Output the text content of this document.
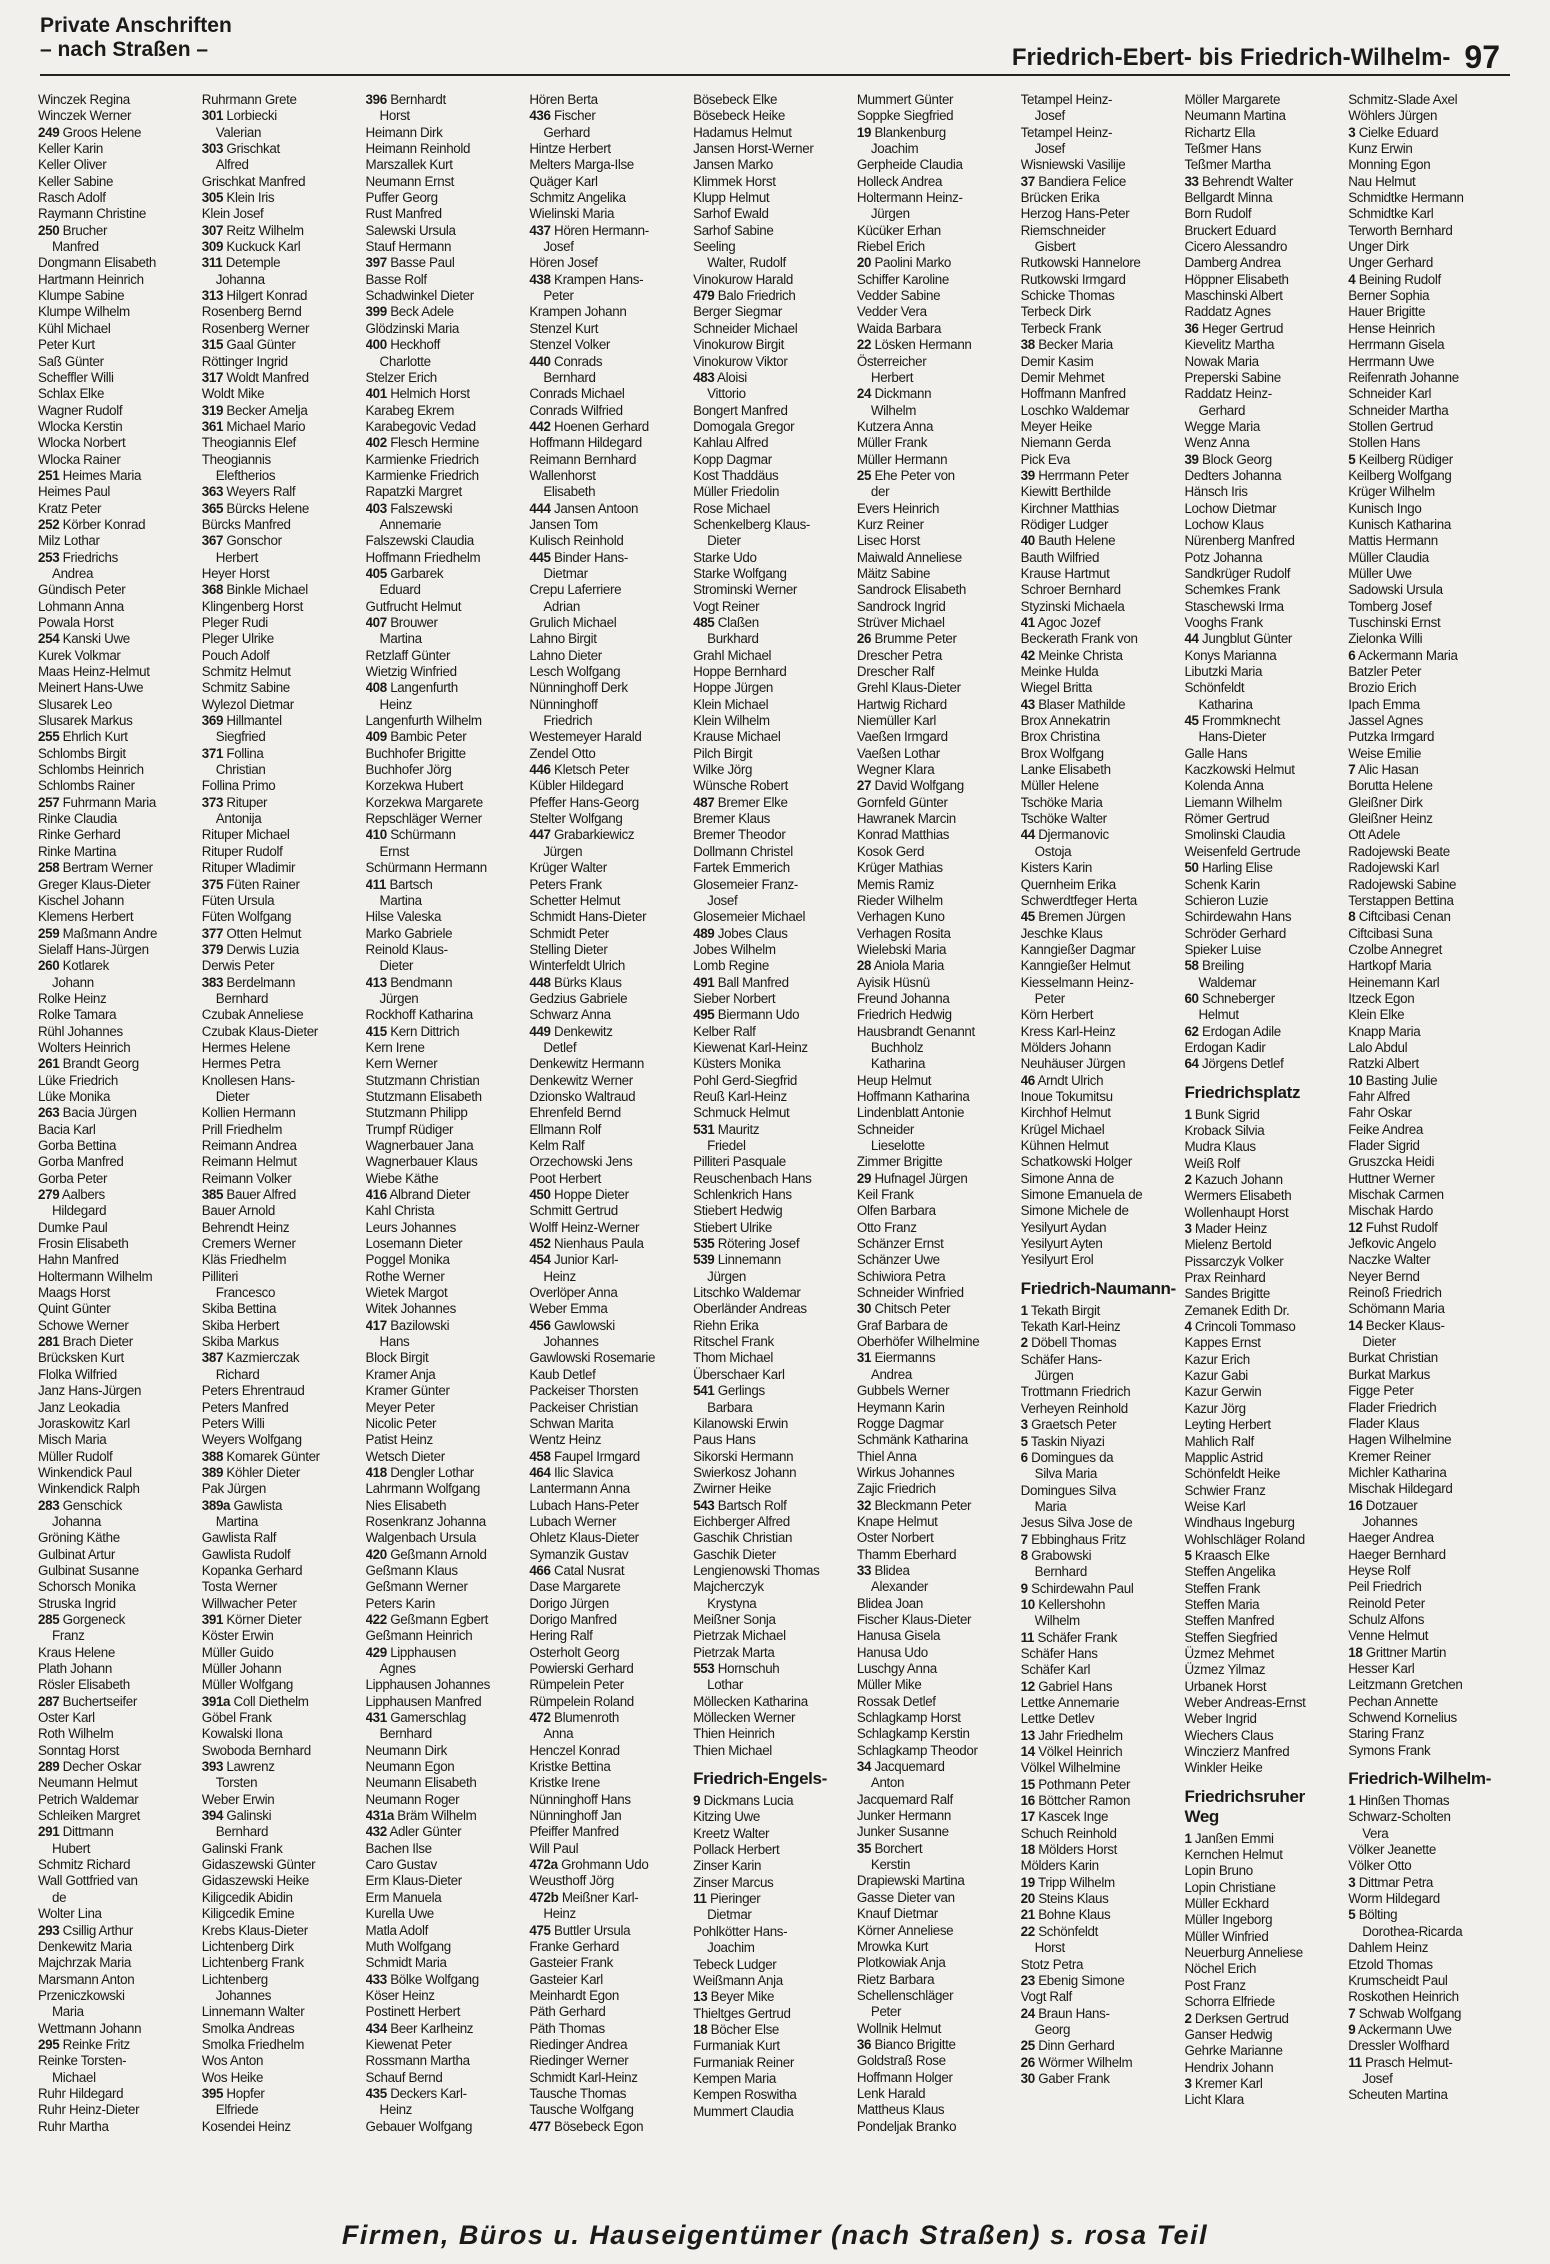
Private Anschriften
– nach Straßen –	Friedrich-Ebert- bis Friedrich-Wilhelm- 97
Winczek Regina
Winczek Werner
249 Groos Helene
Keller Karin
Keller Oliver
Keller Sabine
Rasch Adolf
Raymann Christine
250 Brucher
Manfred
Dongmann Elisabeth
Hartmann Heinrich
Klumpe Sabine
Klumpe Wilhelm
Kühl Michael
Peter Kurt
Saß Günter
Scheffler Willi
Schlax Elke
Wagner Rudolf
Wlocka Kerstin
Wlocka Norbert
Wlocka Rainer
251 Heimes Maria
Heimes Paul
Kratz Peter
252 Körber Konrad
Milz Lothar
253 Friedrichs
Andrea
Gündisch Peter
Lohmann Anna
Powala Horst
254 Kanski Uwe
Kurek Volkmar
Maas Heinz-Helmut
Meinert Hans-Uwe
Slusarek Leo
Slusarek Markus
255 Ehrlich Kurt
Schlombs Birgit
Schlombs Heinrich
Schlombs Rainer
257 Fuhrmann Maria
Rinke Claudia
Rinke Gerhard
Rinke Martina
258 Bertram Werner
Greger Klaus-Dieter
Kischel Johann
Klemens Herbert
259 Maßmann Andre
Sielaff Hans-Jürgen
260 Kotlarek
Johann
Rolke Heinz
Rolke Tamara
Rühl Johannes
Wolters Heinrich
261 Brandt Georg
Lüke Friedrich
Lüke Monika
263 Bacia Jürgen
Bacia Karl
Gorba Bettina
Gorba Manfred
Gorba Peter
279 Aalbers
Hildegard
Dumke Paul
Frosin Elisabeth
Hahn Manfred
Holtermann Wilhelm
Maags Horst
Quint Günter
Schowe Werner
281 Brach Dieter
Brücksken Kurt
Flolka Wilfried
Janz Hans-Jürgen
Janz Leokadia
Joraskowitz Karl
Misch Maria
Müller Rudolf
Winkendick Paul
Winkendick Ralph
283 Genschick
Johanna
Gröning Käthe
Gulbinat Artur
Gulbinat Susanne
Schorsch Monika
Struska Ingrid
285 Gorgeneck
Franz
Kraus Helene
Plath Johann
Rösler Elisabeth
287 Buchertseifer
Oster Karl
Roth Wilhelm
Sonntag Horst
289 Decher Oskar
Neumann Helmut
Petrich Waldemar
Schleiken Margret
291 Dittmann
Hubert
Schmitz Richard
Wall Gottfried van
de
Wolter Lina
293 Csillig Arthur
Denkewitz Maria
Majchrzak Maria
Marsmann Anton
Przeniczkowski
Maria
Wettmann Johann
295 Reinke Fritz
Reinke Torsten-
Michael
Ruhr Hildegard
Ruhr Heinz-Dieter
Ruhr Martha
Ruhrmann Grete
301 Lorbiecki
Valerian
303 Grischkat
Alfred
Grischkat Manfred
305 Klein Iris
Klein Josef
307 Reitz Wilhelm
309 Kuckuck Karl
311 Detemple
Johanna
313 Hilgert Konrad
Rosenberg Bernd
Rosenberg Werner
315 Gaal Günter
Röttinger Ingrid
317 Woldt Manfred
Woldt Mike
319 Becker Amelja
361 Michael Mario
Theogiannis Elef
Theogiannis
Eleftherios
363 Weyers Ralf
365 Bürcks Helene
Bürcks Manfred
367 Gonschor
Herbert
Heyer Horst
368 Binkle Michael
Klingenberg Horst
Pleger Rudi
Pleger Ulrike
Pouch Adolf
Schmitz Helmut
Schmitz Sabine
Wylezol Dietmar
369 Hillmantel
Siegfried
371 Follina
Christian
Follina Primo
373 Rituper
Antonija
Rituper Michael
Rituper Rudolf
Rituper Wladimir
375 Füten Rainer
Füten Ursula
Füten Wolfgang
377 Otten Helmut
379 Derwis Luzia
Derwis Peter
383 Berdelmann
Bernhard
Czubak Anneliese
Czubak Klaus-Dieter
Hermes Helene
Hermes Petra
Knollesen Hans-
Dieter
Kollien Hermann
Prill Friedhelm
Reimann Andrea
Reimann Helmut
Reimann Volker
385 Bauer Alfred
Bauer Arnold
Behrendt Heinz
Cremers Werner
Kläs Friedhelm
Pilliteri
Francesco
Skiba Bettina
Skiba Herbert
Skiba Markus
387 Kazmierczak
Richard
Peters Ehrentraud
Peters Manfred
Peters Willi
Weyers Wolfgang
388 Komarek Günter
389 Köhler Dieter
Pak Jürgen
389a Gawlista
Martina
Gawlista Ralf
Gawlista Rudolf
Kopanka Gerhard
Tosta Werner
Willwacher Peter
391 Körner Dieter
Köster Erwin
Müller Guido
Müller Johann
Müller Wolfgang
391a Coll Diethelm
Göbel Frank
Kowalski Ilona
Swoboda Bernhard
393 Lawrenz
Torsten
Weber Erwin
394 Galinski
Bernhard
Galinski Frank
Gidaszewski Günter
Gidaszewski Heike
Kiligcedik Abidin
Kiligcedik Emine
Krebs Klaus-Dieter
Lichtenberg Dirk
Lichtenberg Frank
Lichtenberg
Johannes
Linnemann Walter
Smolka Andreas
Smolka Friedhelm
Wos Anton
Wos Heike
395 Hopfer
Elfriede
Kosendei Heinz
396 Bernhardt
Horst
Heimann Dirk
Heimann Reinhold
Marszallek Kurt
Neumann Ernst
Puffer Georg
Rust Manfred
Salewski Ursula
Stauf Hermann
397 Basse Paul
Basse Rolf
Schadwinkel Dieter
399 Beck Adele
Glödzinski Maria
400 Heckhoff
Charlotte
Stelzer Erich
401 Helmich Horst
Karabeg Ekrem
Karabegovic Vedad
402 Flesch Hermine
Karmienke Friedrich
Karmienke Friedrich
Rapatzki Margret
403 Falszewski
Annemarie
Falszewski Claudia
Hoffmann Friedhelm
405 Garbarek
Eduard
Gutfrucht Helmut
407 Brouwer
Martina
Retzlaff Günter
Wietzig Winfried
408 Langenfurth
Heinz
Langenfurth Wilhelm
409 Bambic Peter
Buchhofer Brigitte
Buchhofer Jörg
Korzekwa Hubert
Korzekwa Margarete
Repschläger Werner
410 Schürmann
Ernst
Schürmann Hermann
411 Bartsch
Martina
Hilse Valeska
Marko Gabriele
Reinold Klaus-
Dieter
413 Bendmann
Jürgen
Rockhoff Katharina
415 Kern Dittrich
Kern Irene
Kern Werner
Stutzmann Christian
Stutzmann Elisabeth
Stutzmann Philipp
Trumpf Rüdiger
Wagnerbauer Jana
Wagnerbauer Klaus
Wiebe Käthe
416 Albrand Dieter
Kahl Christa
Leurs Johannes
Losemann Dieter
Poggel Monika
Rothe Werner
Wietek Margot
Witek Johannes
417 Bazilowski
Hans
Block Birgit
Kramer Anja
Kramer Günter
Meyer Peter
Nicolic Peter
Patist Heinz
Wetsch Dieter
418 Dengler Lothar
Lahrmann Wolfgang
Nies Elisabeth
Rosenkranz Johanna
Walgenbach Ursula
420 Geßmann Arnold
Geßmann Klaus
Geßmann Werner
Peters Karin
422 Geßmann Egbert
Geßmann Heinrich
429 Lipphausen
Agnes
Lipphausen Johannes
Lipphausen Manfred
431 Gamerschlag
Bernhard
Neumann Dirk
Neumann Egon
Neumann Elisabeth
Neumann Roger
431a Bräm Wilhelm
432 Adler Günter
Bachen Ilse
Caro Gustav
Erm Klaus-Dieter
Erm Manuela
Kurella Uwe
Matla Adolf
Muth Wolfgang
Schmidt Maria
433 Bölke Wolfgang
Köser Heinz
Postinett Herbert
434 Beer Karlheinz
Kiewenat Peter
Rossmann Martha
Schauf Bernd
435 Deckers Karl-
Heinz
Gebauer Wolfgang
Hören Berta
436 Fischer
Gerhard
Hintze Herbert
Melters Marga-Ilse
Quäger Karl
Schmitz Angelika
Wielinski Maria
437 Hören Hermann-
Josef
Hören Josef
438 Krampen Hans-
Peter
Krampen Johann
Stenzel Kurt
Stenzel Volker
440 Conrads
Bernhard
Conrads Michael
Conrads Wilfried
442 Hoenen Gerhard
Hoffmann Hildegard
Reimann Bernhard
Wallenhorst
Elisabeth
444 Jansen Antoon
Jansen Tom
Kulisch Reinhold
445 Binder Hans-
Dietmar
Crepu Laferriere
Adrian
Grulich Michael
Lahno Birgit
Lahno Dieter
Lesch Wolfgang
Nünninghoff Derk
Nünninghoff
Friedrich
Westemeyer Harald
Zendel Otto
446 Kletsch Peter
Kübler Hildegard
Pfeffer Hans-Georg
Stelter Wolfgang
447 Grabarkiewicz
Jürgen
Krüger Walter
Peters Frank
Schetter Helmut
Schmidt Hans-Dieter
Schmidt Peter
Stelling Dieter
Winterfeldt Ulrich
448 Bürks Klaus
Gedzius Gabriele
Schwarz Anna
449 Denkewitz
Detlef
Denkewitz Hermann
Denkewitz Werner
Dzionsko Waltraud
Ehrenfeld Bernd
Ellmann Rolf
Kelm Ralf
Orzechowski Jens
Poot Herbert
450 Hoppe Dieter
Schmitt Gertrud
Wolff Heinz-Werner
452 Nienhaus Paula
454 Junior Karl-
Heinz
Overlöper Anna
Weber Emma
456 Gawlowski
Johannes
Gawlowski Rosemarie
Kaub Detlef
Packeiser Thorsten
Packeiser Christian
Schwan Marita
Wentz Heinz
458 Faupel Irmgard
464 Ilic Slavica
Lantermann Anna
Lubach Hans-Peter
Lubach Werner
Ohletz Klaus-Dieter
Symanzik Gustav
466 Catal Nusrat
Dase Margarete
Dorigo Jürgen
Dorigo Manfred
Hering Ralf
Osterholt Georg
Powierski Gerhard
Rümpelein Peter
Rümpelein Roland
472 Blumenroth
Anna
Henczel Konrad
Kristke Bettina
Kristke Irene
Nünninghoff Hans
Nünninghoff Jan
Pfeiffer Manfred
Will Paul
472a Grohmann Udo
Weusthoff Jörg
472b Meißner Karl-
Heinz
475 Buttler Ursula
Franke Gerhard
Gasteier Frank
Gasteier Karl
Meinhardt Egon
Päth Gerhard
Päth Thomas
Riedinger Andrea
Riedinger Werner
Schmidt Karl-Heinz
Tausche Thomas
Tausche Wolfgang
477 Bösebeck Egon
Bösebeck Elke
Bösebeck Heike
Hadamus Helmut
Jansen Horst-Werner
Jansen Marko
Klimmek Horst
Klupp Helmut
Sarhof Ewald
Sarhof Sabine
Seeling
Walter, Rudolf
Vinokurow Harald
479 Balo Friedrich
Berger Siegmar
Schneider Michael
Vinokurow Birgit
Vinokurow Viktor
483 Aloisi
Vittorio
Bongert Manfred
Domogala Gregor
Kahlau Alfred
Kopp Dagmar
Kost Thaddäus
Müller Friedolin
Rose Michael
Schenkelberg Klaus-
Dieter
Starke Udo
Starke Wolfgang
Strominski Werner
Vogt Reiner
485 Claßen
Burkhard
Grahl Michael
Hoppe Bernhard
Hoppe Jürgen
Klein Michael
Klein Wilhelm
Krause Michael
Pilch Birgit
Wilke Jörg
Wünsche Robert
487 Bremer Elke
Bremer Klaus
Bremer Theodor
Dollmann Christel
Fartek Emmerich
Glosemeier Franz-
Josef
Glosemeier Michael
489 Jobes Claus
Jobes Wilhelm
Lomb Regine
491 Ball Manfred
Sieber Norbert
495 Biermann Udo
Kelber Ralf
Kiewenat Karl-Heinz
Küsters Monika
Pohl Gerd-Siegfrid
Reuß Karl-Heinz
Schmuck Helmut
531 Mauritz
Friedel
Pilliteri Pasquale
Reuschenbach Hans
Schlenkrich Hans
Stiebert Hedwig
Stiebert Ulrike
535 Rötering Josef
539 Linnemann
Jürgen
Litschko Waldemar
Oberländer Andreas
Riehn Erika
Ritschel Frank
Thom Michael
Überschaer Karl
541 Gerlings
Barbara
Kilanowski Erwin
Paus Hans
Sikorski Hermann
Swierkosz Johann
Zwirner Heike
543 Bartsch Rolf
Eichberger Alfred
Gaschik Christian
Gaschik Dieter
Lengienowski Thomas
Majcherczyk
Krystyna
Meißner Sonja
Pietrzak Michael
Pietrzak Marta
553 Hornschuh
Lothar
Möllecken Katharina
Möllecken Werner
Thien Heinrich
Thien Michael
Friedrich-Engels-
9 Dickmans Lucia
Kitzing Uwe
Kreetz Walter
Pollack Herbert
Zinser Karin
Zinser Marcus
11 Pieringer
Dietmar
Pohlkötter Hans-
Joachim
Tebeck Ludger
Weißmann Anja
13 Beyer Mike
Thieltges Gertrud
18 Böcher Else
Furmaniak Kurt
Furmaniak Reiner
Kempen Maria
Kempen Roswitha
Mummert Claudia
Mummert Günter
Soppke Siegfried
19 Blankenburg
Joachim
Gerpheide Claudia
Holleck Andrea
Holtermann Heinz-
Jürgen
Kücüker Erhan
Riebel Erich
20 Paolini Marko
Schiffer Karoline
Vedder Sabine
Vedder Vera
Waida Barbara
22 Lösken Hermann
Österreicher
Herbert
24 Dickmann
Wilhelm
Kutzera Anna
Müller Frank
Müller Hermann
25 Ehe Peter von
der
Evers Heinrich
Kurz Reiner
Lisec Horst
Maiwald Anneliese
Mäitz Sabine
Sandrock Elisabeth
Sandrock Ingrid
Strüver Michael
26 Brumme Peter
Drescher Petra
Drescher Ralf
Grehl Klaus-Dieter
Hartwig Richard
Niemüller Karl
Vaeßen Irmgard
Vaeßen Lothar
Wegner Klara
27 David Wolfgang
Gornfeld Günter
Hawranek Marcin
Konrad Matthias
Kosok Gerd
Krüger Mathias
Memis Ramiz
Rieder Wilhelm
Verhagen Kuno
Verhagen Rosita
Wielebski Maria
28 Aniola Maria
Ayisik Hüsnü
Freund Johanna
Friedrich Hedwig
Hausbrandt Genannt
Buchholz
Katharina
Heup Helmut
Hoffmann Katharina
Lindenblatt Antonie
Schneider
Lieselotte
Zimmer Brigitte
29 Hufnagel Jürgen
Keil Frank
Olfen Barbara
Otto Franz
Schänzer Ernst
Schänzer Uwe
Schiwiora Petra
Schneider Winfried
30 Chitsch Peter
Graf Barbara de
Oberhöfer Wilhelmine
31 Eiermanns
Andrea
Gubbels Werner
Heymann Karin
Rogge Dagmar
Schmänk Katharina
Thiel Anna
Wirkus Johannes
Zajic Friedrich
32 Bleckmann Peter
Knape Helmut
Oster Norbert
Thamm Eberhard
33 Blidea
Alexander
Blidea Joan
Fischer Klaus-Dieter
Hanusa Gisela
Hanusa Udo
Luschgy Anna
Müller Mike
Rossak Detlef
Schlagkamp Horst
Schlagkamp Kerstin
Schlagkamp Theodor
34 Jacquemard
Anton
Jacquemard Ralf
Junker Hermann
Junker Susanne
35 Borchert
Kerstin
Drapiewski Martina
Gasse Dieter van
Knauf Dietmar
Körner Anneliese
Mrowka Kurt
Plotkowiak Anja
Rietz Barbara
Schellenschläger
Peter
Wollnik Helmut
36 Bianco Brigitte
Goldstraß Rose
Hoffmann Holger
Lenk Harald
Mattheus Klaus
Pondeljak Branko
Tetampel Heinz-
Josef
Tetampel Heinz-
Josef
Wisniewski Vasilije
37 Bandiera Felice
Brücken Erika
Herzog Hans-Peter
Riemschneider
Gisbert
Rutkowski Hannelore
Rutkowski Irmgard
Schicke Thomas
Terbeck Dirk
Terbeck Frank
38 Becker Maria
Demir Kasim
Demir Mehmet
Hoffmann Manfred
Loschko Waldemar
Meyer Heike
Niemann Gerda
Pick Eva
39 Herrmann Peter
Kiewitt Berthilde
Kirchner Matthias
Rödiger Ludger
40 Bauth Helene
Bauth Wilfried
Krause Hartmut
Schroer Bernhard
Styzinski Michaela
41 Agoc Jozef
Beckerath Frank von
42 Meinke Christa
Meinke Hulda
Wiegel Britta
43 Blaser Mathilde
Brox Annekatrin
Brox Christina
Brox Wolfgang
Lanke Elisabeth
Müller Helene
Tschöke Maria
Tschöke Walter
44 Djermanovic
Ostoja
Kisters Karin
Quernheim Erika
Schwerdtfeger Herta
45 Bremen Jürgen
Jeschke Klaus
Kanngießer Dagmar
Kanngießer Helmut
Kiesselmann Heinz-
Peter
Körn Herbert
Kress Karl-Heinz
Mölders Johann
Neuhäuser Jürgen
46 Arndt Ulrich
Inoue Tokumitsu
Kirchhof Helmut
Krügel Michael
Kühnen Helmut
Schatkowski Holger
Simone Anna de
Simone Emanuela de
Simone Michele de
Yesilyurt Aydan
Yesilyurt Ayten
Yesilyurt Erol
Friedrich-Naumann-
1 Tekath Birgit
Tekath Karl-Heinz
2 Döbell Thomas
Schäfer Hans-
Jürgen
Trottmann Friedrich
Verheyen Reinhold
3 Graetsch Peter
5 Taskin Niyazi
6 Domingues da
Silva Maria
Domingues Silva
Maria
Jesus Silva Jose de
7 Ebbinghaus Fritz
8 Grabowski
Bernhard
9 Schirdewahn Paul
10 Kellershohn
Wilhelm
11 Schäfer Frank
Schäfer Hans
Schäfer Karl
12 Gabriel Hans
Lettke Annemarie
Lettke Detlev
13 Jahr Friedhelm
14 Völkel Heinrich
Völkel Wilhelmine
15 Pothmann Peter
16 Böttcher Ramon
17 Kascek Inge
Schuch Reinhold
18 Mölders Horst
Mölders Karin
19 Tripp Wilhelm
20 Steins Klaus
21 Bohne Klaus
22 Schönfeldt
Horst
Stotz Petra
23 Ebenig Simone
Vogt Ralf
24 Braun Hans-
Georg
25 Dinn Gerhard
26 Wörmer Wilhelm
30 Gaber Frank
Möller Margarete
Neumann Martina
Richartz Ella
Teßmer Hans
Teßmer Martha
33 Behrendt Walter
Bellgardt Minna
Born Rudolf
Bruckert Eduard
Cicero Alessandro
Damberg Andrea
Höppner Elisabeth
Maschinski Albert
Raddatz Agnes
36 Heger Gertrud
Kievelitz Martha
Nowak Maria
Preperski Sabine
Raddatz Heinz-
Gerhard
Wegge Maria
Wenz Anna
39 Block Georg
Dedters Johanna
Hänsch Iris
Lochow Dietmar
Lochow Klaus
Nürenberg Manfred
Potz Johanna
Sandkrüger Rudolf
Schemkes Frank
Staschewski Irma
Vooghs Frank
44 Jungblut Günter
Konys Marianna
Libutzki Maria
Schönfeldt
Katharina
45 Frommknecht
Hans-Dieter
Galle Hans
Kaczkowski Helmut
Kolenda Anna
Liemann Wilhelm
Römer Gertrud
Smolinski Claudia
Weisenfeld Gertrude
50 Harling Elise
Schenk Karin
Schieron Luzie
Schirdewahn Hans
Schröder Gerhard
Spieker Luise
58 Breiling
Waldemar
60 Schneberger
Helmut
62 Erdogan Adile
Erdogan Kadir
64 Jörgens Detlef
Friedrichsplatz
1 Bunk Sigrid
Kroback Silvia
Mudra Klaus
Weiß Rolf
2 Kazuch Johann
Wermers Elisabeth
Wollenhaupt Horst
3 Mader Heinz
Mielenz Bertold
Pissarczyk Volker
Prax Reinhard
Sandes Brigitte
Zemanek Edith Dr.
4 Crincoli Tommaso
Kappes Ernst
Kazur Erich
Kazur Gabi
Kazur Gerwin
Kazur Jörg
Leyting Herbert
Mahlich Ralf
Mapplic Astrid
Schönfeldt Heike
Schwier Franz
Weise Karl
Windhaus Ingeburg
Wohlschläger Roland
5 Kraasch Elke
Steffen Angelika
Steffen Frank
Steffen Maria
Steffen Manfred
Steffen Siegfried
Üzmez Mehmet
Üzmez Yilmaz
Urbanek Horst
Weber Andreas-Ernst
Weber Ingrid
Wiechers Claus
Winczierz Manfred
Winkler Heike
Friedrichsruher Weg
1 Janßen Emmi
Kernchen Helmut
Lopin Bruno
Lopin Christiane
Müller Eckhard
Müller Ingeborg
Müller Winfried
Neuerburg Anneliese
Nöchel Erich
Post Franz
Schorra Elfriede
2 Derksen Gertrud
Ganser Hedwig
Gehrke Marianne
Hendrix Johann
3 Kremer Karl
Licht Klara
Schmitz-Slade Axel
Wöhlers Jürgen
3 Cielke Eduard
Kunz Erwin
Monning Egon
Nau Helmut
Schmidtke Hermann
Schmidtke Karl
Terworth Bernhard
Unger Dirk
Unger Gerhard
4 Beining Rudolf
Berner Sophia
Hauer Brigitte
Hense Heinrich
Herrmann Gisela
Herrmann Uwe
Reifenrath Johanne
Schneider Karl
Schneider Martha
Stollen Gertrud
Stollen Hans
5 Keilberg Rüdiger
Keilberg Wolfgang
Krüger Wilhelm
Kunisch Ingo
Kunisch Katharina
Mattis Hermann
Müller Claudia
Müller Uwe
Sadowski Ursula
Tomberg Josef
Tuschinski Ernst
Zielonka Willi
6 Ackermann Maria
Batzler Peter
Brozio Erich
Ipach Emma
Jassel Agnes
Putzka Irmgard
Weise Emilie
7 Alic Hasan
Borutta Helene
Gleißner Dirk
Gleißner Heinz
Ott Adele
Radojewski Beate
Radojewski Karl
Radojewski Sabine
Terstappen Bettina
8 Ciftcibasi Cenan
Ciftcibasi Suna
Czolbe Annegret
Hartkopf Maria
Heinemann Karl
Itzeck Egon
Klein Elke
Knapp Maria
Lalo Abdul
Ratzki Albert
10 Basting Julie
Fahr Alfred
Fahr Oskar
Feike Andrea
Flader Sigrid
Gruszcka Heidi
Huttner Werner
Mischak Carmen
Mischak Hardo
12 Fuhst Rudolf
Jefkovic Angelo
Naczke Walter
Neyer Bernd
Reinoß Friedrich
Schömann Maria
14 Becker Klaus-
Dieter
Burkat Christian
Burkat Markus
Figge Peter
Flader Friedrich
Flader Klaus
Hagen Wilhelmine
Kremer Reiner
Michler Katharina
Mischak Hildegard
16 Dotzauer
Johannes
Haeger Andrea
Haeger Bernhard
Heyse Rolf
Peil Friedrich
Reinold Peter
Schulz Alfons
Venne Helmut
18 Grittner Martin
Hesser Karl
Leitzmann Gretchen
Pechan Annette
Schwend Kornelius
Staring Franz
Symons Frank
Friedrich-Wilhelm-
1 Hinßen Thomas
Schwarz-Scholten
Vera
Völker Jeanette
Völker Otto
3 Dittmar Petra
Worm Hildegard
5 Bölting
Dorothea-Ricarda
Dahlem Heinz
Etzold Thomas
Krumscheidt Paul
Roskothen Heinrich
7 Schwab Wolfgang
9 Ackermann Uwe
Dressler Wolfhard
11 Prasch Helmut-
Josef
Scheuten Martina
Firmen, Büros u. Hauseigentümer (nach Straßen) s. rosa Teil
